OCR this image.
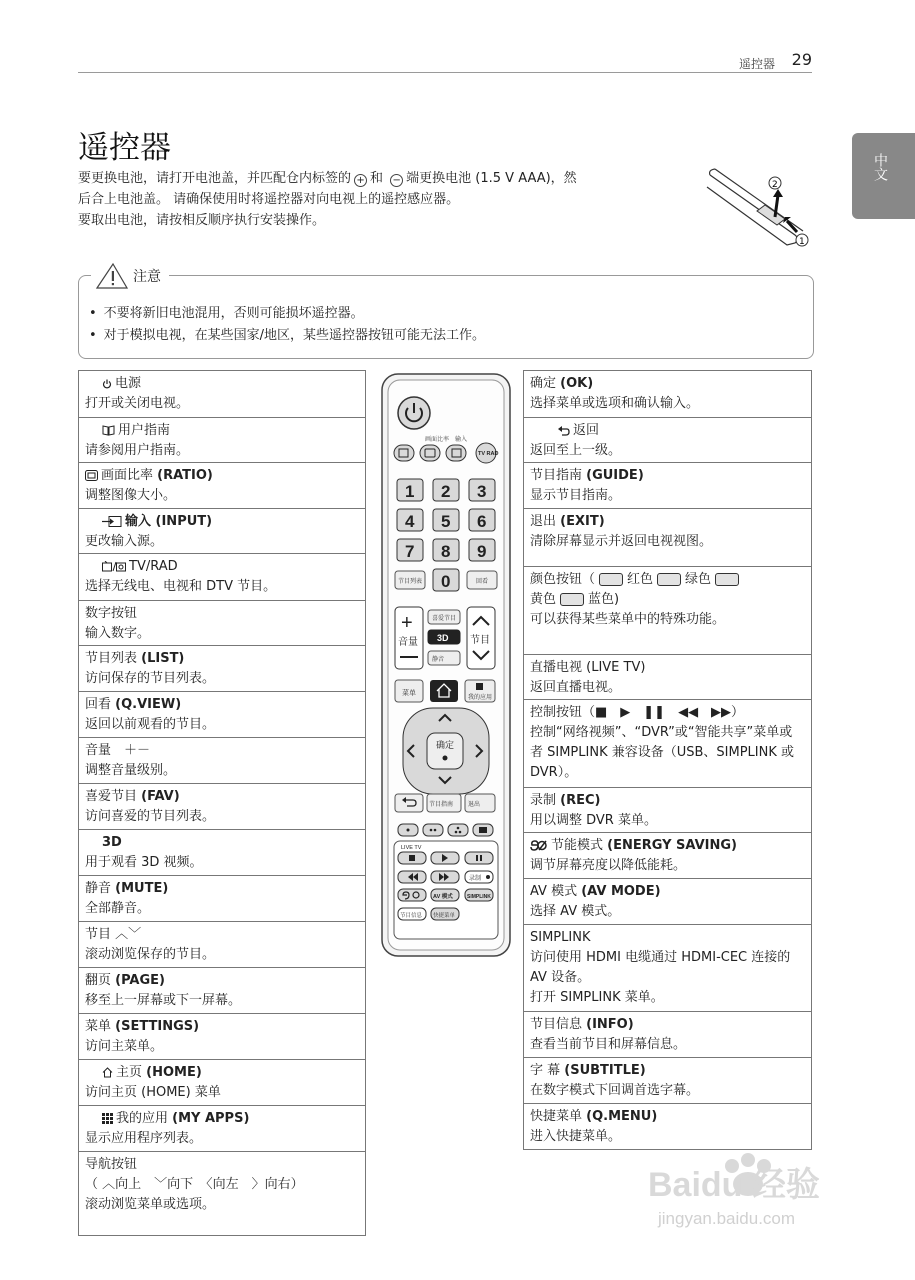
遥控器 29
中文
遥控器

要更换电池，请打开电池盖，并匹配仓内标签的 + 和 − 端更换电池 (1.5 V AAA)，然

后合上电池盖。 请确保使用时将遥控器对向电视上的遥控感应器。

要取出电池，请按相反顺序执行安装操作。

2
1
注意
• 不要将新旧电池混用，否则可能损坏遥控器。
• 对于模拟电视，在某些国家/地区，某些遥控器按钮可能无法工作。
电源
打开或关闭电视。
用户指南
请参阅用户指南。
画面比率 (RATIO)
调整图像大小。
输入 (INPUT)
更改输入源。
TV/RAD
选择无线电、电视和 DTV 节目。
数字按钮
输入数字。
节目列表 (LIST)
访问保存的节目列表。
回看 (Q.VIEW)
返回以前观看的节目。
音量　＋－
调整音量级别。
喜爱节目 (FAV)
访问喜爱的节目列表。
3D
用于观看 3D 视频。
静音 (MUTE)
全部静音。
节目 ︿﹀
滚动浏览保存的节目。
翻页 (PAGE)
移至上一屏幕或下一屏幕。
菜单 (SETTINGS)
访问主菜单。
主页 (HOME)
访问主页 (HOME) 菜单
我的应用 (MY APPS)
显示应用程序列表。
导航按钮
（ ︿向上　﹀向下　〈向左　〉向右）
滚动浏览菜单或选项。
确定 (OK)
选择菜单或选项和确认输入。
返回
返回至上一级。
节目指南 (GUIDE)
显示节目指南。
退出 (EXIT)
清除屏幕显示并返回电视视图。
颜色按钮（ 红色 绿色
黄色 蓝色)
可以获得某些菜单中的特殊功能。
直播电视 (LIVE TV)
返回直播电视。
控制按钮（■　▶　❚❚　◀◀　▶▶）
控制“网络视频”、“DVR”或“智能共享”菜单或者 SIMPLINK 兼容设备（USB、SIMPLINK 或 DVR）。
录制 (REC)
用以调整 DVR 菜单。
节能模式 (ENERGY SAVING)
调节屏幕亮度以降低能耗。
AV 模式 (AV MODE)
选择 AV 模式。
SIMPLINK
访问使用 HDMI 电缆通过 HDMI-CEC 连接的 AV 设备。
打开 SIMPLINK 菜单。
节目信息 (INFO)
查看当前节目和屏幕信息。
字 幕 (SUBTITLE)
在数字模式下回调首选字幕。
快捷菜单 (Q.MENU)
进入快捷菜单。
画面比率 输入
TV RAD
1 2 3
4 5 6
7 8 9
0
节目列表	回看
+
音量	节目
喜爱节目
3D
静音
菜单
我的应用
确定
节目指南 退出
LIVE TV
录制
AV 模式	SIMPLINK
节目信息 快捷菜单
Baidu 经验
jingyan.baidu.com
